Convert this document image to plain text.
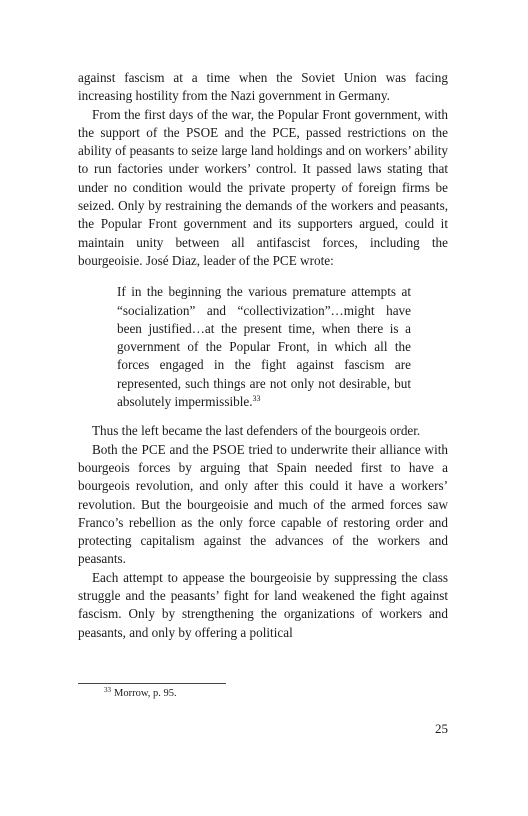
against fascism at a time when the Soviet Union was facing increasing hostility from the Nazi government in Germany.

From the first days of the war, the Popular Front government, with the support of the PSOE and the PCE, passed restrictions on the ability of peasants to seize large land holdings and on workers’ ability to run factories under workers’ control. It passed laws stating that under no condition would the private property of foreign firms be seized. Only by restraining the demands of the workers and peasants, the Popular Front government and its supporters argued, could it maintain unity between all antifascist forces, including the bourgeoisie. José Diaz, leader of the PCE wrote:

If in the beginning the various premature attempts at “socialization” and “collectivization”…might have been justified…at the present time, when there is a government of the Popular Front, in which all the forces engaged in the fight against fascism are represented, such things are not only not desirable, but absolutely impermissible.$^{33}$

Thus the left became the last defenders of the bourgeois order.

Both the PCE and the PSOE tried to underwrite their alliance with bourgeois forces by arguing that Spain needed first to have a bourgeois revolution, and only after this could it have a workers’ revolution. But the bourgeoisie and much of the armed forces saw Franco’s rebellion as the only force capable of restoring order and protecting capitalism against the advances of the workers and peasants.

Each attempt to appease the bourgeoisie by suppressing the class struggle and the peasants’ fight for land weakened the fight against fascism. Only by strengthening the organizations of workers and peasants, and only by offering a political

$^{33}$ Morrow, p. 95.
25
